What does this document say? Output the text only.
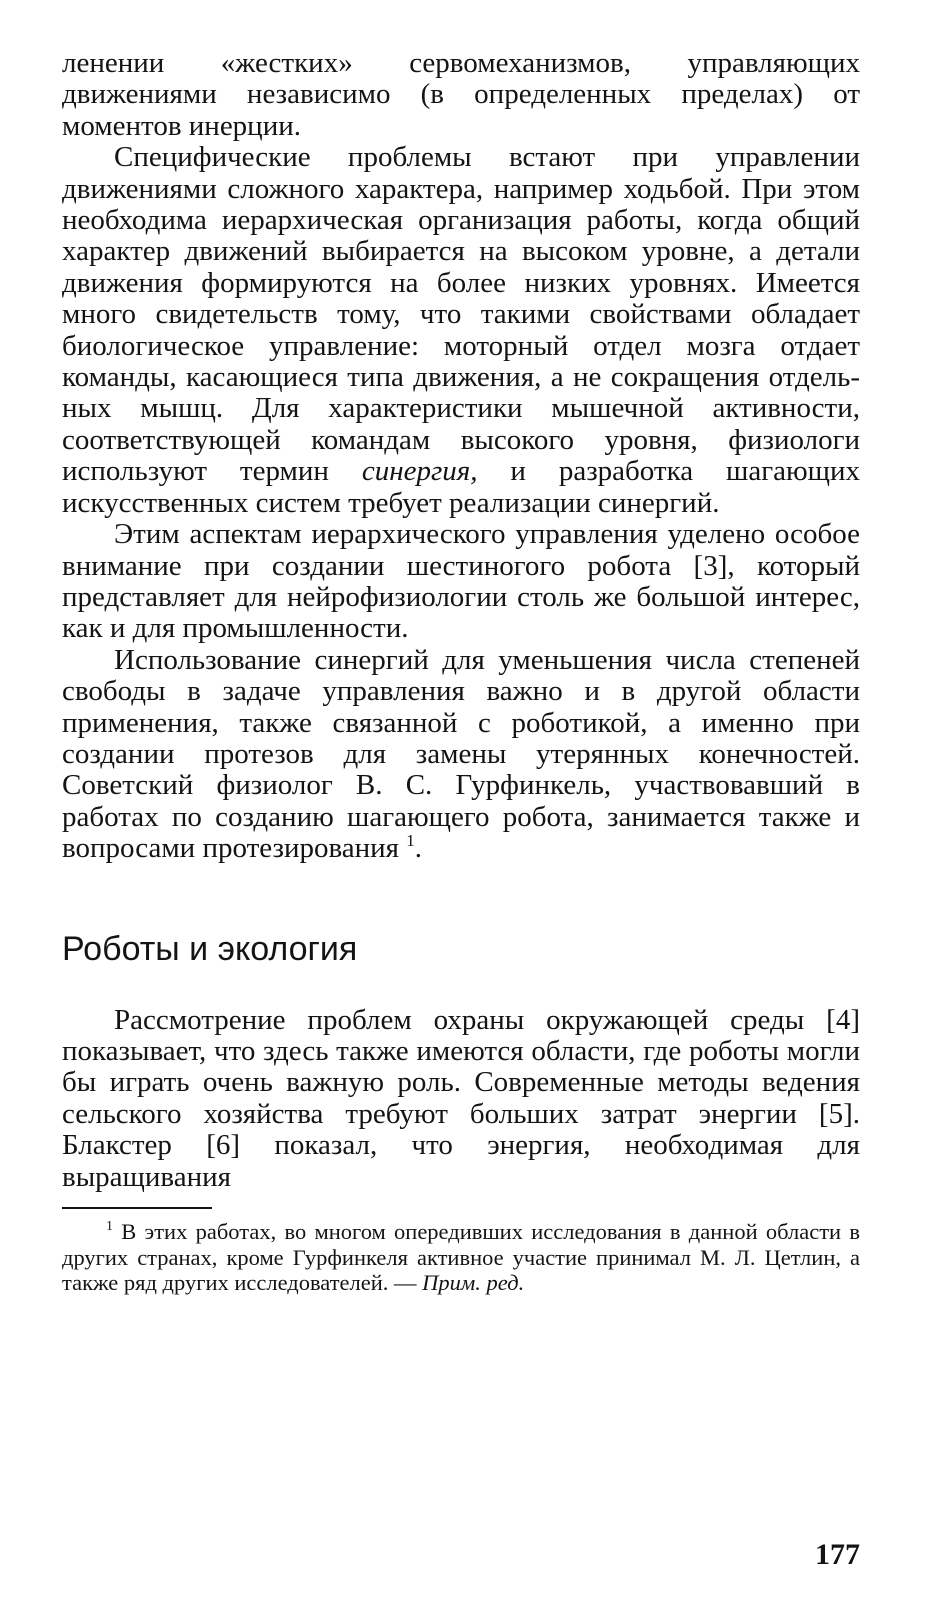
ленении «жестких» сервомеханизмов, управляющих движениями независимо (в определенных пределах) от моментов инерции.

Специфические проблемы встают при управлении движениями сложного характера, например ходьбой. При этом необходима иерархическая организация работы, когда общий характер движений выбирается на высоком уровне, а детали движения формируются на более низких уровнях. Имеется много свидетельств тому, что такими свойствами обладает биологическое управление: моторный отдел мозга отдает команды, касающиеся типа движения, а не сокращения отдельных мышц. Для характеристики мышечной активности, соответствующей командам высокого уровня, физиологи используют термин синергия, и разработка шагающих искусственных систем требует реализации синергий.

Этим аспектам иерархического управления уделено особое внимание при создании шестиногого робота [3], который представляет для нейрофизиологии столь же большой интерес, как и для промышленности.

Использование синергий для уменьшения числа степеней свободы в задаче управления важно и в другой области применения, также связанной с роботикой, а именно при создании протезов для замены утерянных конечностей. Советский физиолог В. С. Гурфинкель, участвовавший в работах по созданию шагающего робота, занимается также и вопросами протезирования $^1$.

Роботы и экология

Рассмотрение проблем охраны окружающей среды [4] показывает, что здесь также имеются области, где роботы могли бы играть очень важную роль. Современные методы ведения сельского хозяйства требуют больших затрат энергии [5]. Блакстер [6] показал, что энергия, необходимая для выращивания

$^1$ В этих работах, во многом опередивших исследования в данной области в других странах, кроме Гурфинкеля активное участие принимал М. Л. Цетлин, а также ряд других исследователей. — Прим. ред.

177
